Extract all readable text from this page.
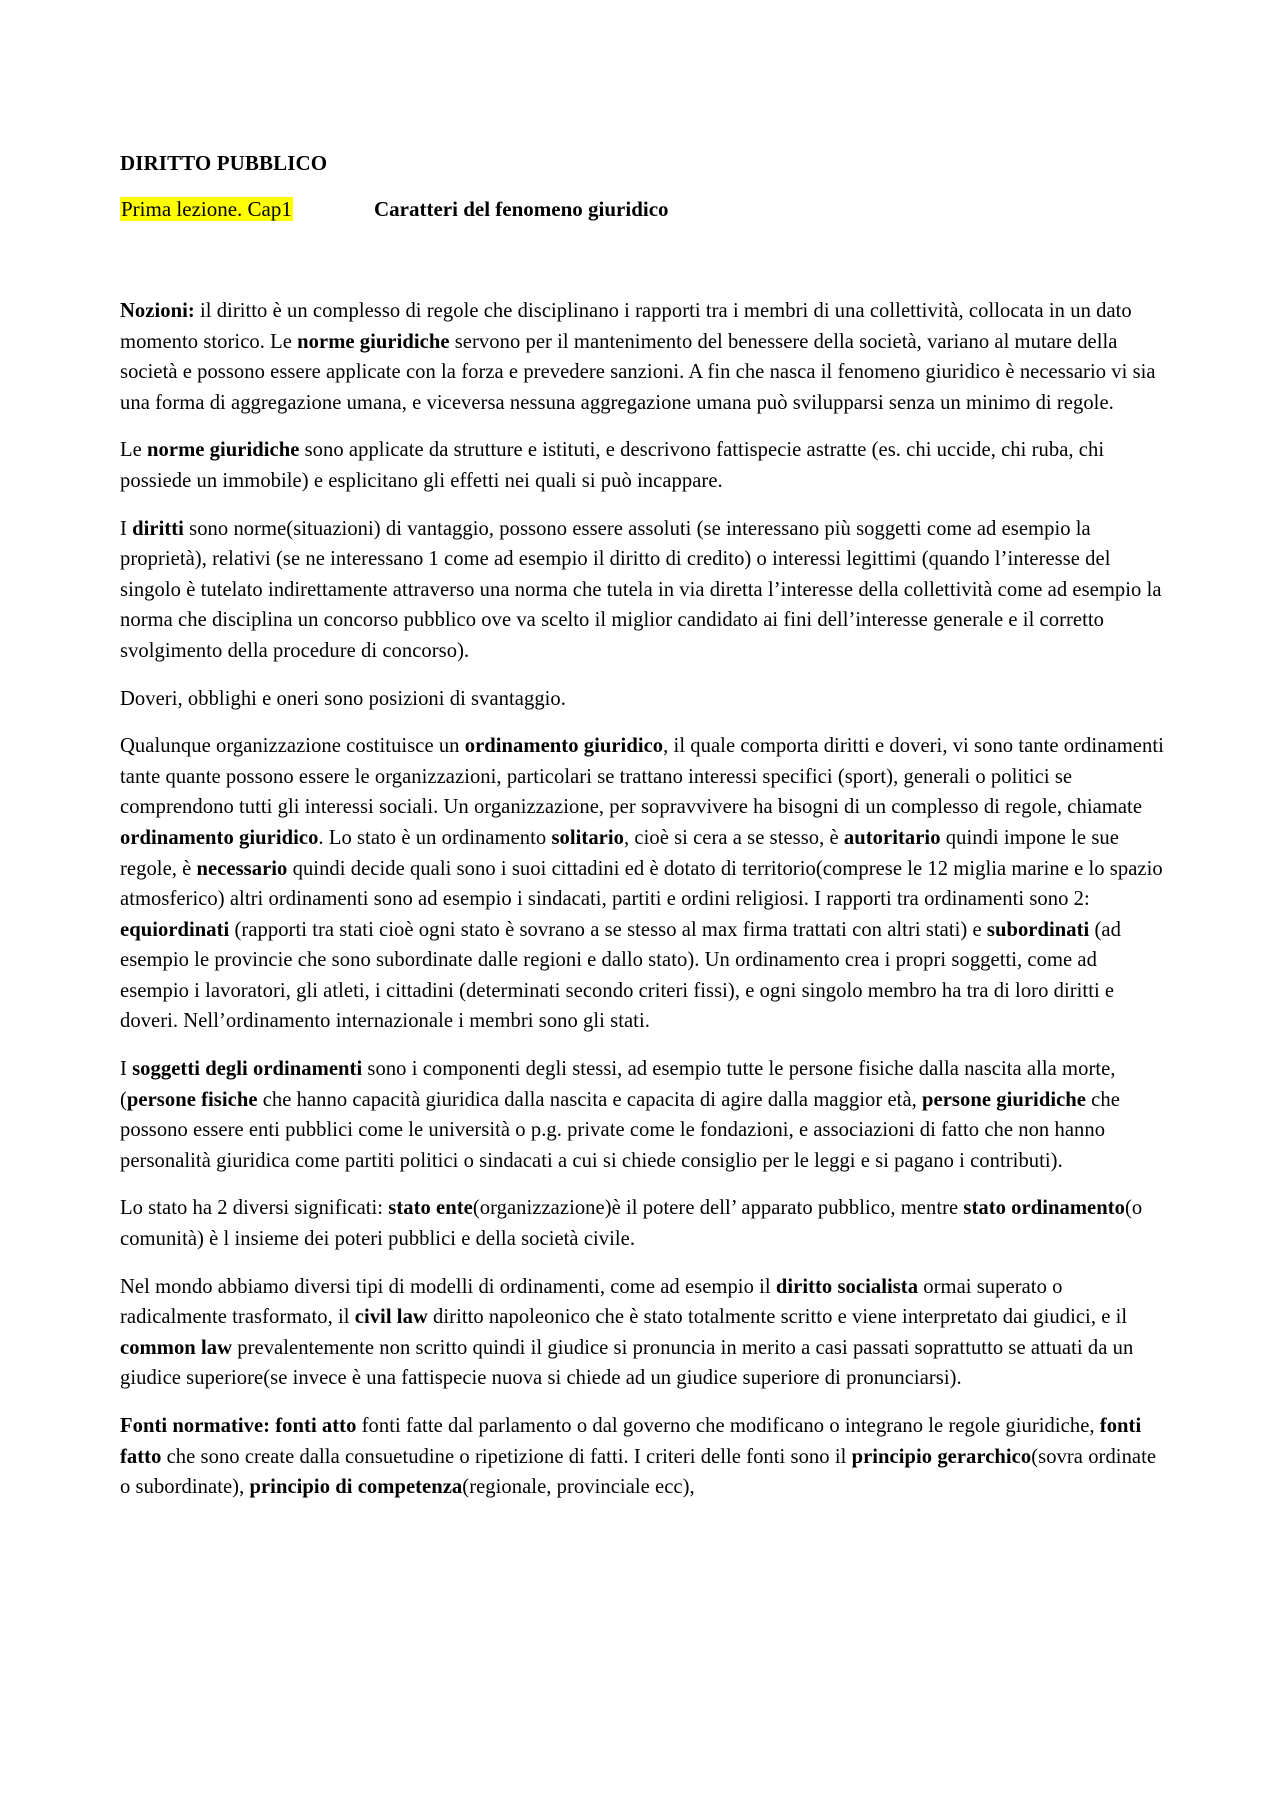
DIRITTO PUBBLICO
Prima lezione. Cap1	Caratteri del fenomeno giuridico

Nozioni: il diritto è un complesso di regole che disciplinano i rapporti tra i membri di una collettività, collocata in un dato momento storico. Le norme giuridiche servono per il mantenimento del benessere della società, variano al mutare della società e possono essere applicate con la forza e prevedere sanzioni. A fin che nasca il fenomeno giuridico è necessario vi sia una forma di aggregazione umana, e viceversa nessuna aggregazione umana può svilupparsi senza un minimo di regole.

Le norme giuridiche sono applicate da strutture e istituti, e descrivono fattispecie astratte (es. chi uccide, chi ruba, chi possiede un immobile) e esplicitano gli effetti nei quali si può incappare.

I diritti sono norme(situazioni) di vantaggio, possono essere assoluti (se interessano più soggetti come ad esempio la proprietà), relativi (se ne interessano 1 come ad esempio il diritto di credito) o interessi legittimi (quando l’interesse del singolo è tutelato indirettamente attraverso una norma che tutela in via diretta l’interesse della collettività come ad esempio la norma che disciplina un concorso pubblico ove va scelto il miglior candidato ai fini dell’interesse generale e il corretto svolgimento della procedure di concorso).

Doveri, obblighi e oneri sono posizioni di svantaggio.

Qualunque organizzazione costituisce un ordinamento giuridico, il quale comporta diritti e doveri, vi sono tante ordinamenti tante quante possono essere le organizzazioni, particolari se trattano interessi specifici (sport), generali o politici se comprendono tutti gli interessi sociali. Un organizzazione, per sopravvivere ha bisogni di un complesso di regole, chiamate ordinamento giuridico. Lo stato è un ordinamento solitario, cioè si cera a se stesso, è autoritario quindi impone le sue regole, è necessario quindi decide quali sono i suoi cittadini ed è dotato di territorio(comprese le 12 miglia marine e lo spazio atmosferico) altri ordinamenti sono ad esempio i sindacati, partiti e ordini religiosi. I rapporti tra ordinamenti sono 2: equiordinati (rapporti tra stati cioè ogni stato è sovrano a se stesso al max firma trattati con altri stati) e subordinati (ad esempio le provincie che sono subordinate dalle regioni e dallo stato). Un ordinamento crea i propri soggetti, come ad esempio i lavoratori, gli atleti, i cittadini (determinati secondo criteri fissi), e ogni singolo membro ha tra di loro diritti e doveri. Nell’ordinamento internazionale i membri sono gli stati.

I soggetti degli ordinamenti sono i componenti degli stessi, ad esempio tutte le persone fisiche dalla nascita alla morte, (persone fisiche che hanno capacità giuridica dalla nascita e capacita di agire dalla maggior età, persone giuridiche che possono essere enti pubblici come le università o p.g. private come le fondazioni, e associazioni di fatto che non hanno personalità giuridica come partiti politici o sindacati a cui si chiede consiglio per le leggi e si pagano i contributi).

Lo stato ha 2 diversi significati: stato ente(organizzazione)è il potere dell’ apparato pubblico, mentre stato ordinamento(o comunità) è l insieme dei poteri pubblici e della società civile.

Nel mondo abbiamo diversi tipi di modelli di ordinamenti, come ad esempio il diritto socialista ormai superato o radicalmente trasformato, il civil law diritto napoleonico che è stato totalmente scritto e viene interpretato dai giudici, e il common law prevalentemente non scritto quindi il giudice si pronuncia in merito a casi passati soprattutto se attuati da un giudice superiore(se invece è una fattispecie nuova si chiede ad un giudice superiore di pronunciarsi).

Fonti normative: fonti atto fonti fatte dal parlamento o dal governo che modificano o integrano le regole giuridiche, fonti fatto che sono create dalla consuetudine o ripetizione di fatti. I criteri delle fonti sono il principio gerarchico(sovra ordinate o subordinate), principio di competenza(regionale, provinciale ecc),
